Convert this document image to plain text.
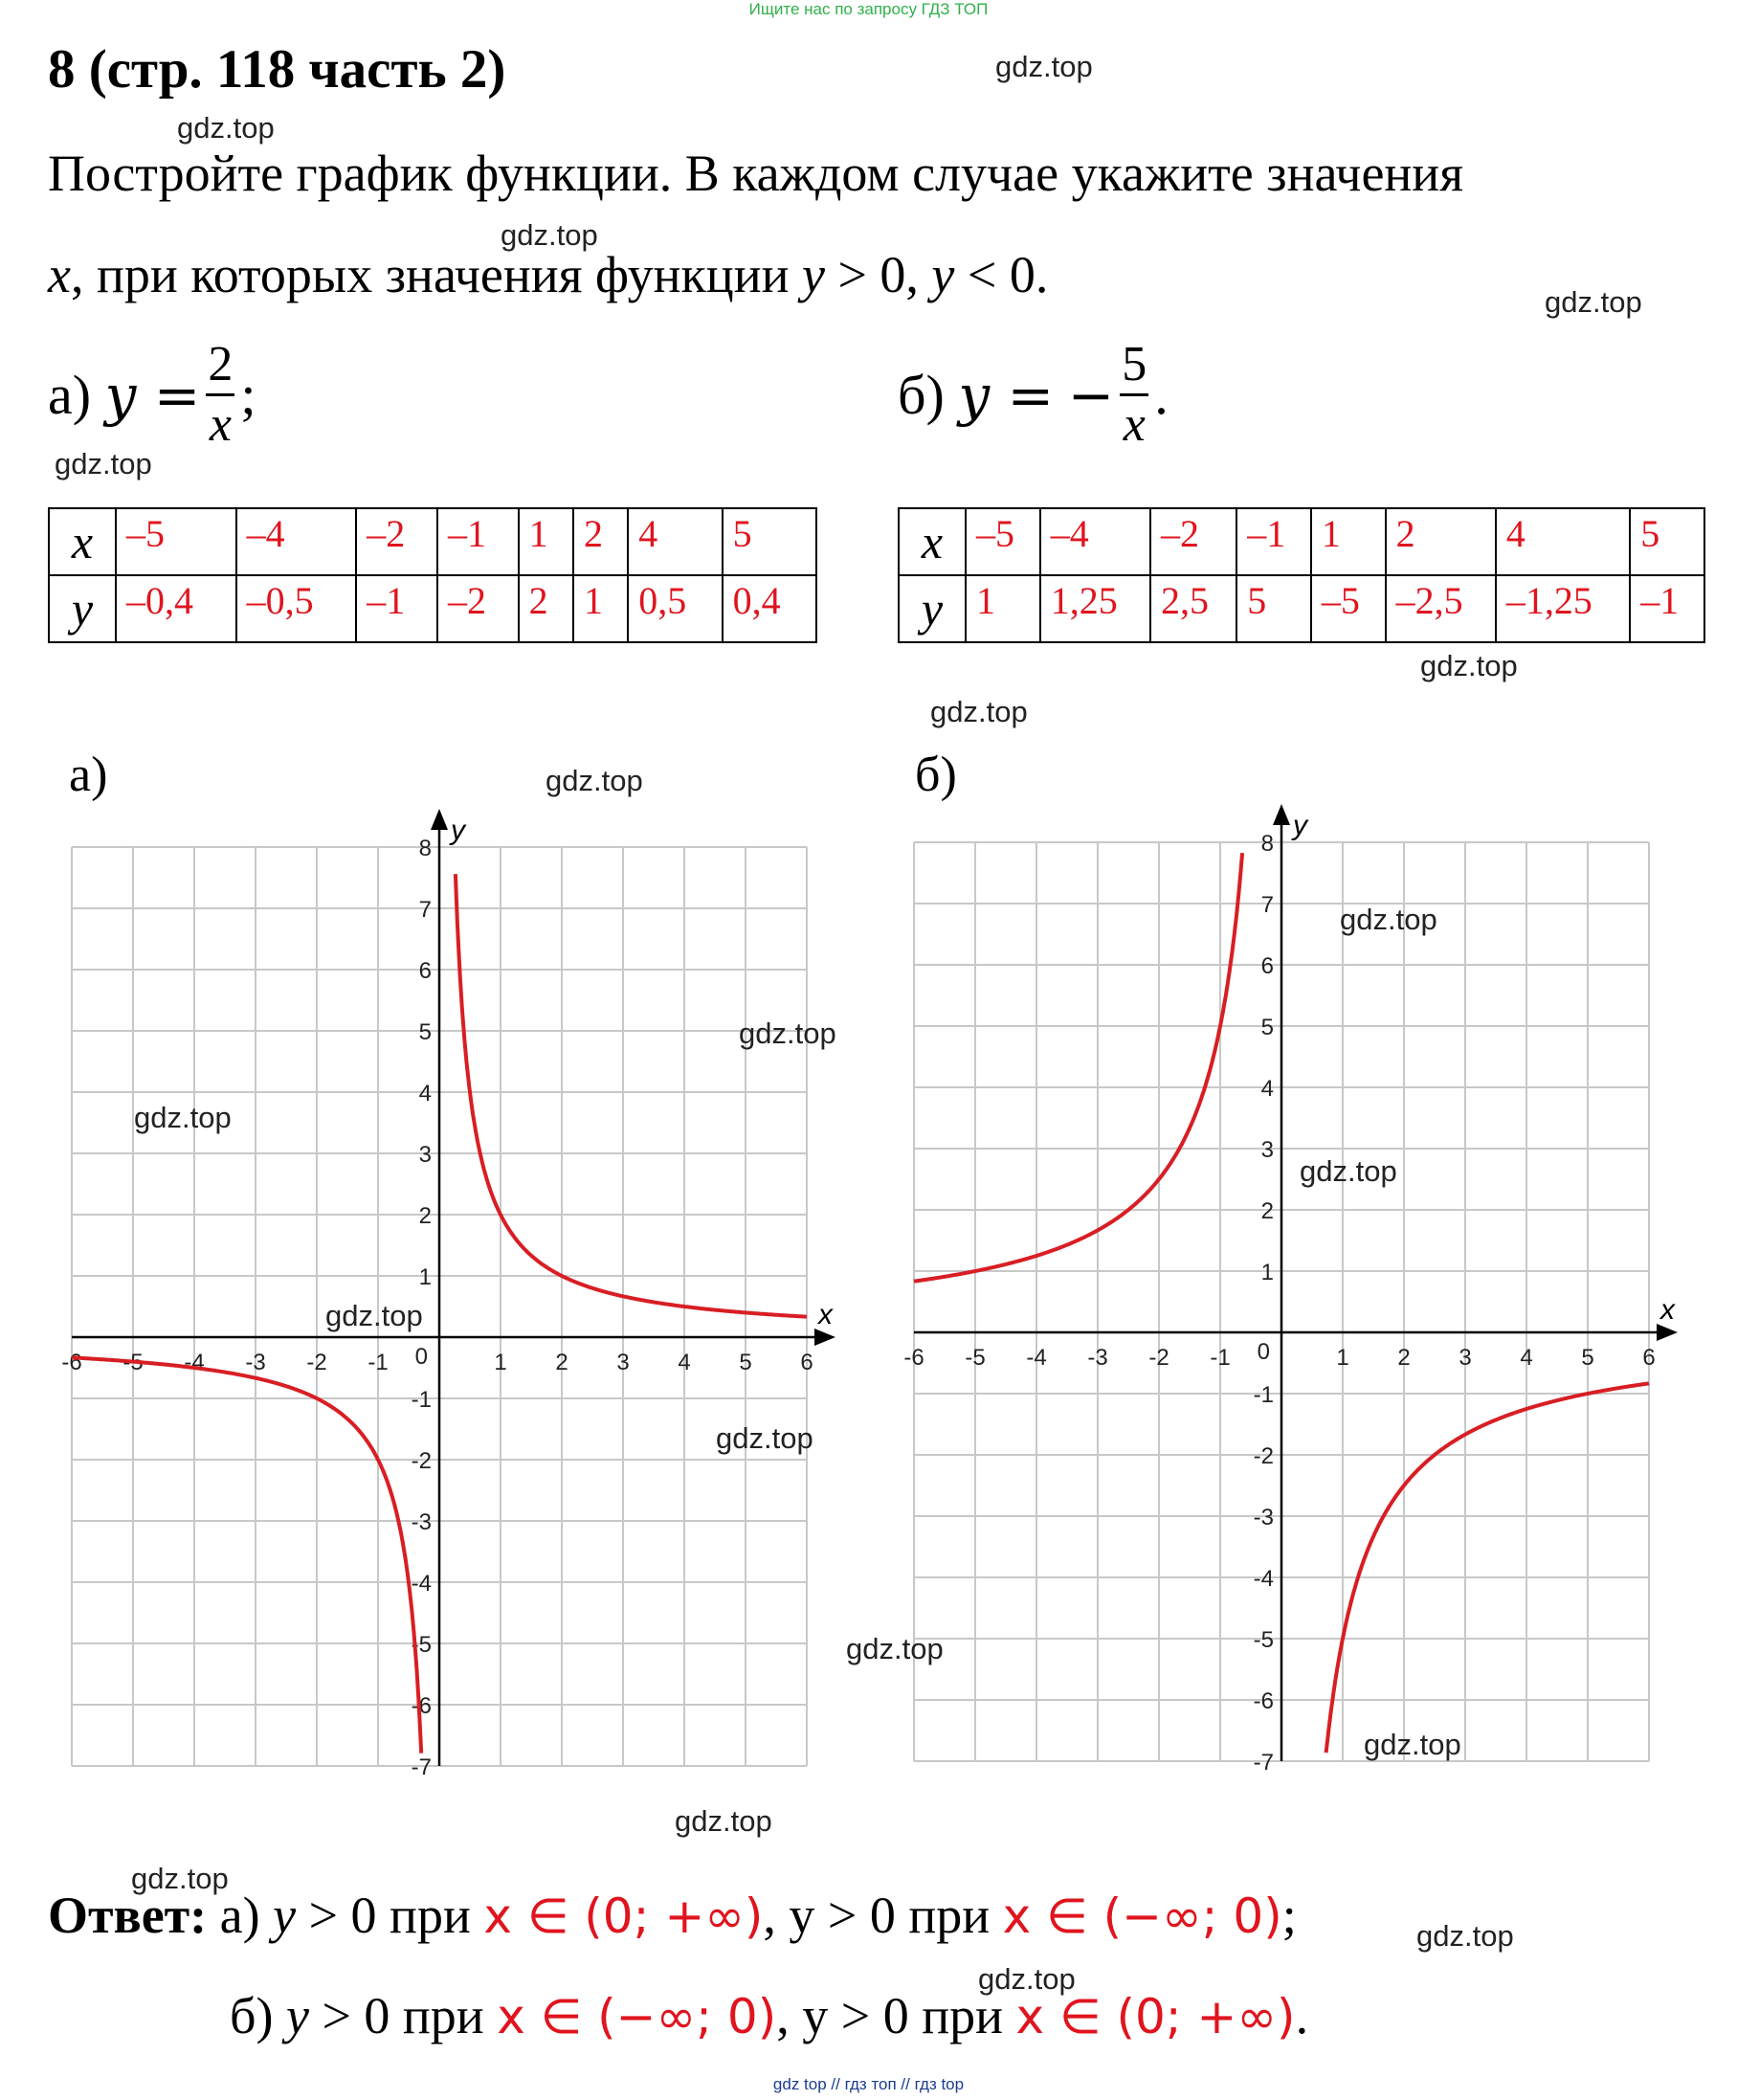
Ищите нас по запросу ГДЗ ТОП
8 (стр. 118 часть 2)
Постройте график функции. В каждом случае укажите значения
x, при которых значения функции y > 0, y < 0.
а)
$y = \frac{2}{x}$ ;	б)
y =
− $\frac{5}{x}$ .
x	–5	–4	–2	–1	1	2	4	5
y	–0,4	–0,5	–1	–2	2	1	0,5	0,4
x	–5	–4	–2	–1	1	2	4	5
y	1	1,25	2,5	5	–5	–2,5	–1,25	–1
а)	б)
x
y
-6 -5 -4 -3 -2 -1	1 2 3 4 5 6
8
7
6
5
4
3
2
1
-1
-2
-3
-4
-5
-6
-7
0
x
y
-6 -5 -4 -3 -2 -1	1 2 3 4 5 6
8
7
6
5
4
3
2
1
-1
-2
-3
-4
-5
-6
-7
0
Ответ: а) y > 0 при x ∈ (0; +∞), y > 0 при x ∈ (−∞; 0);
б) y > 0 при x ∈ (−∞; 0), y > 0 при x ∈ (0; +∞).
gdz.top
gdz.top
gdz.top
gdz.top
gdz.top
gdz.top
gdz.top
gdz.top
gdz.top
gdz.top
gdz.top
gdz.top
gdz.top
gdz.top
gdz.top
gdz.top
gdz.top
gdz.top
gdz.top
gdz.top
gdz top // гдз топ // гдз top
